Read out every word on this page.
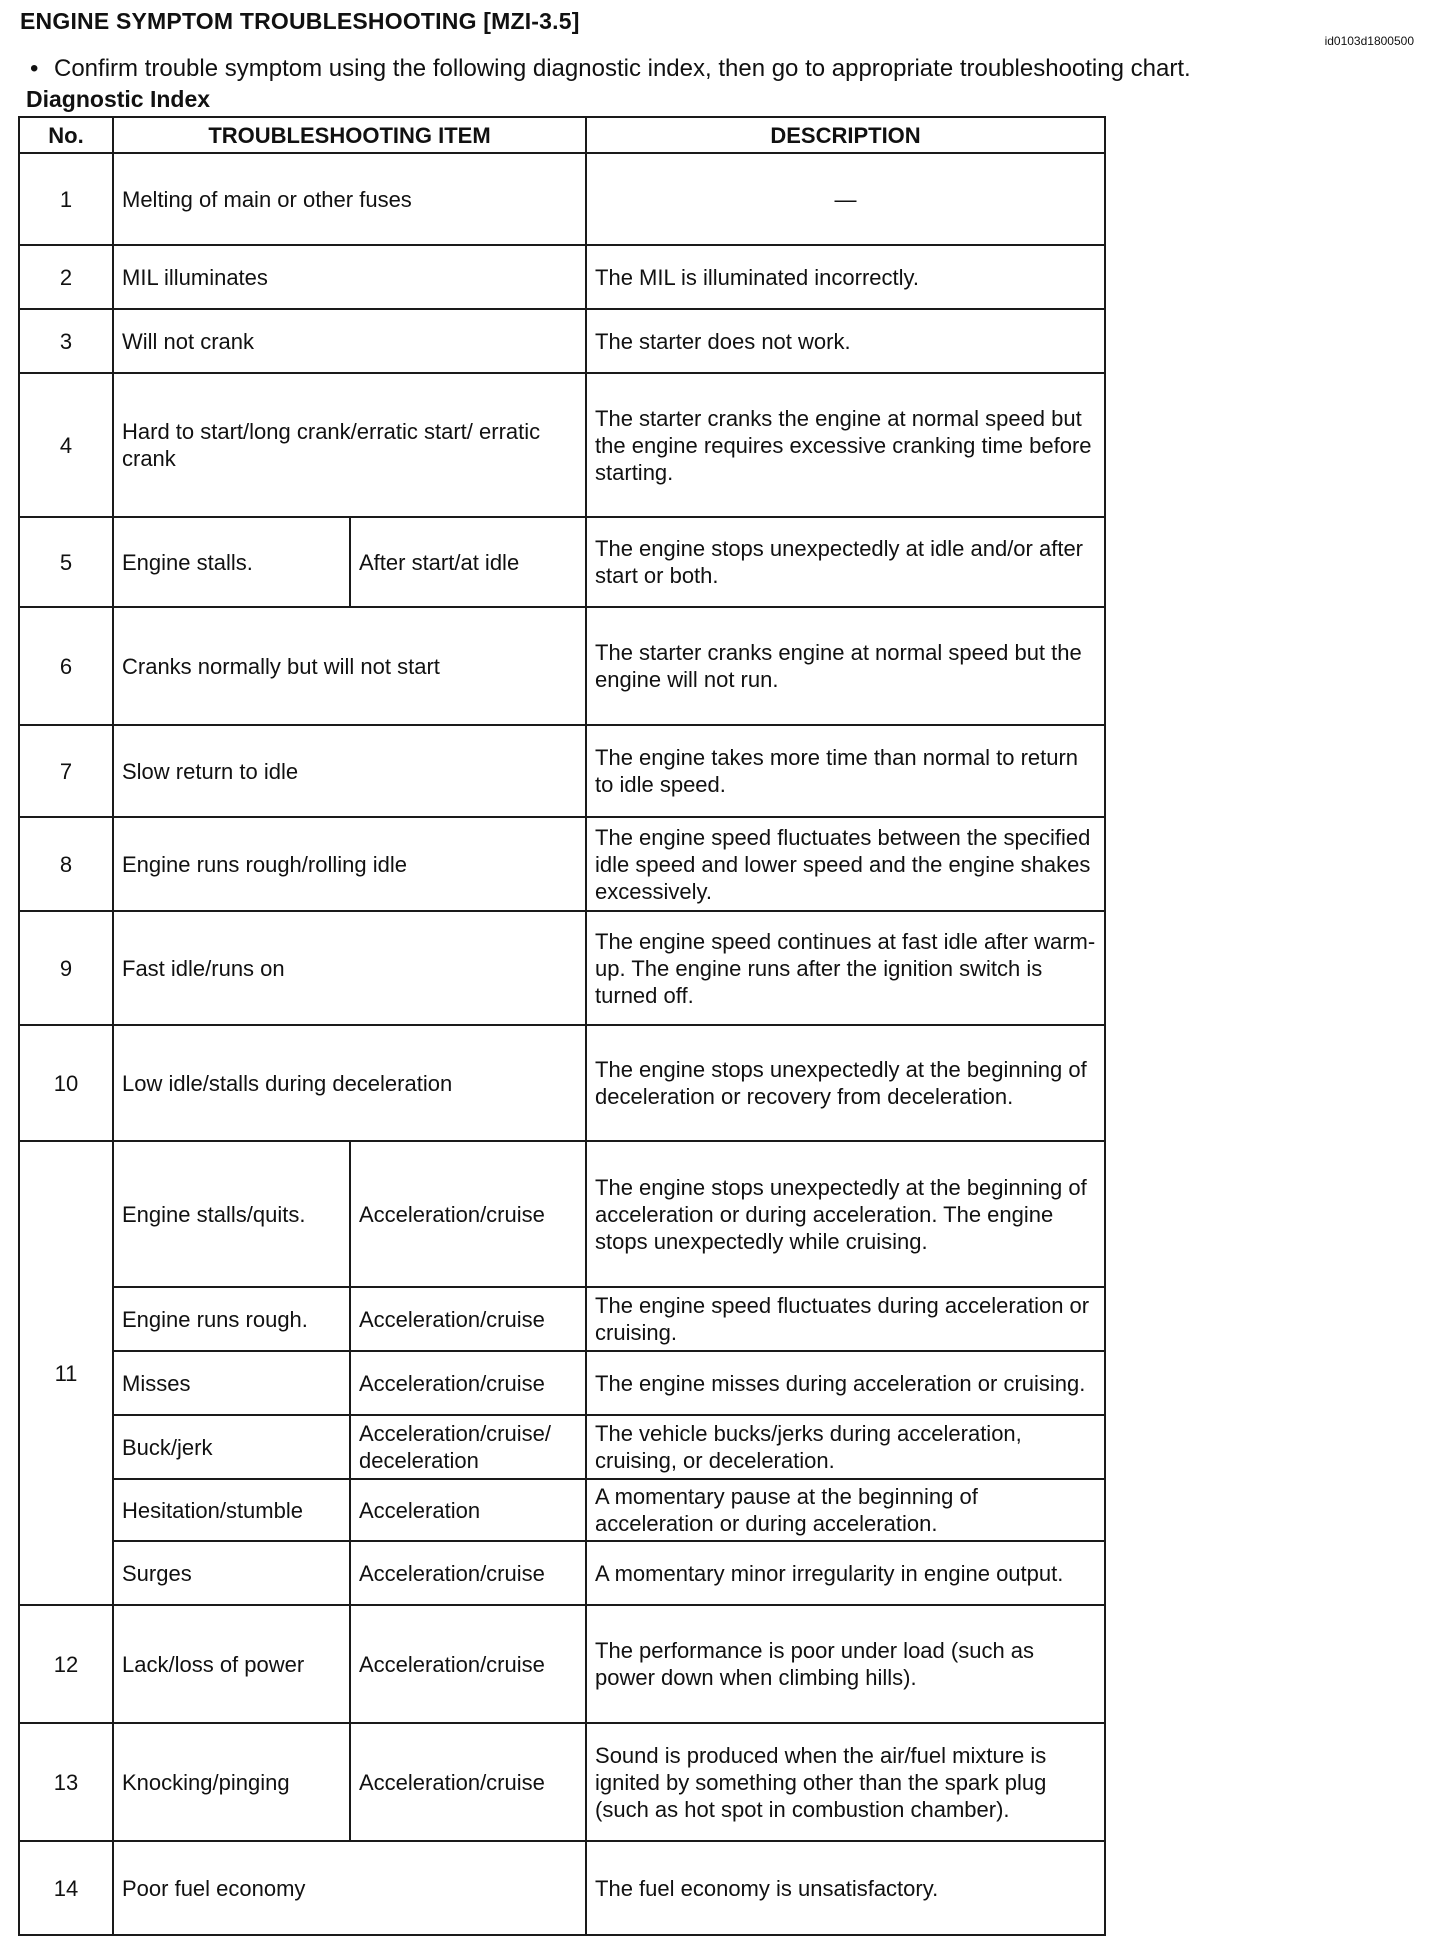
ENGINE SYMPTOM TROUBLESHOOTING [MZI-3.5]
id0103d1800500
• Confirm trouble symptom using the following diagnostic index, then go to appropriate troubleshooting chart.
Diagnostic Index
No.	TROUBLESHOOTING ITEM		DESCRIPTION
1	Melting of main or other fuses		—
2	MIL illuminates		The MIL is illuminated incorrectly.
3	Will not crank		The starter does not work.
4	Hard to start/long crank/erratic start/ erratic crank		The starter cranks the engine at normal speed but the engine requires excessive cranking time before starting.
5	Engine stalls.	After start/at idle	The engine stops unexpectedly at idle and/or after start or both.
6	Cranks normally but will not start		The starter cranks engine at normal speed but the engine will not run.
7	Slow return to idle		The engine takes more time than normal to return to idle speed.
8	Engine runs rough/rolling idle		The engine speed fluctuates between the specified idle speed and lower speed and the engine shakes excessively.
9	Fast idle/runs on		The engine speed continues at fast idle after warm-up. The engine runs after the ignition switch is turned off.
10	Low idle/stalls during deceleration		The engine stops unexpectedly at the beginning of deceleration or recovery from deceleration.
11	Engine stalls/quits.	Acceleration/cruise	The engine stops unexpectedly at the beginning of acceleration or during acceleration. The engine stops unexpectedly while cruising.
	Engine runs rough.	Acceleration/cruise	The engine speed fluctuates during acceleration or cruising.
	Misses	Acceleration/cruise	The engine misses during acceleration or cruising.
	Buck/jerk	Acceleration/cruise/ deceleration	The vehicle bucks/jerks during acceleration, cruising, or deceleration.
	Hesitation/stumble	Acceleration	A momentary pause at the beginning of acceleration or during acceleration.
	Surges	Acceleration/cruise	A momentary minor irregularity in engine output.
12	Lack/loss of power	Acceleration/cruise	The performance is poor under load (such as power down when climbing hills).
13	Knocking/pinging	Acceleration/cruise	Sound is produced when the air/fuel mixture is ignited by something other than the spark plug (such as hot spot in combustion chamber).
14	Poor fuel economy		The fuel economy is unsatisfactory.
